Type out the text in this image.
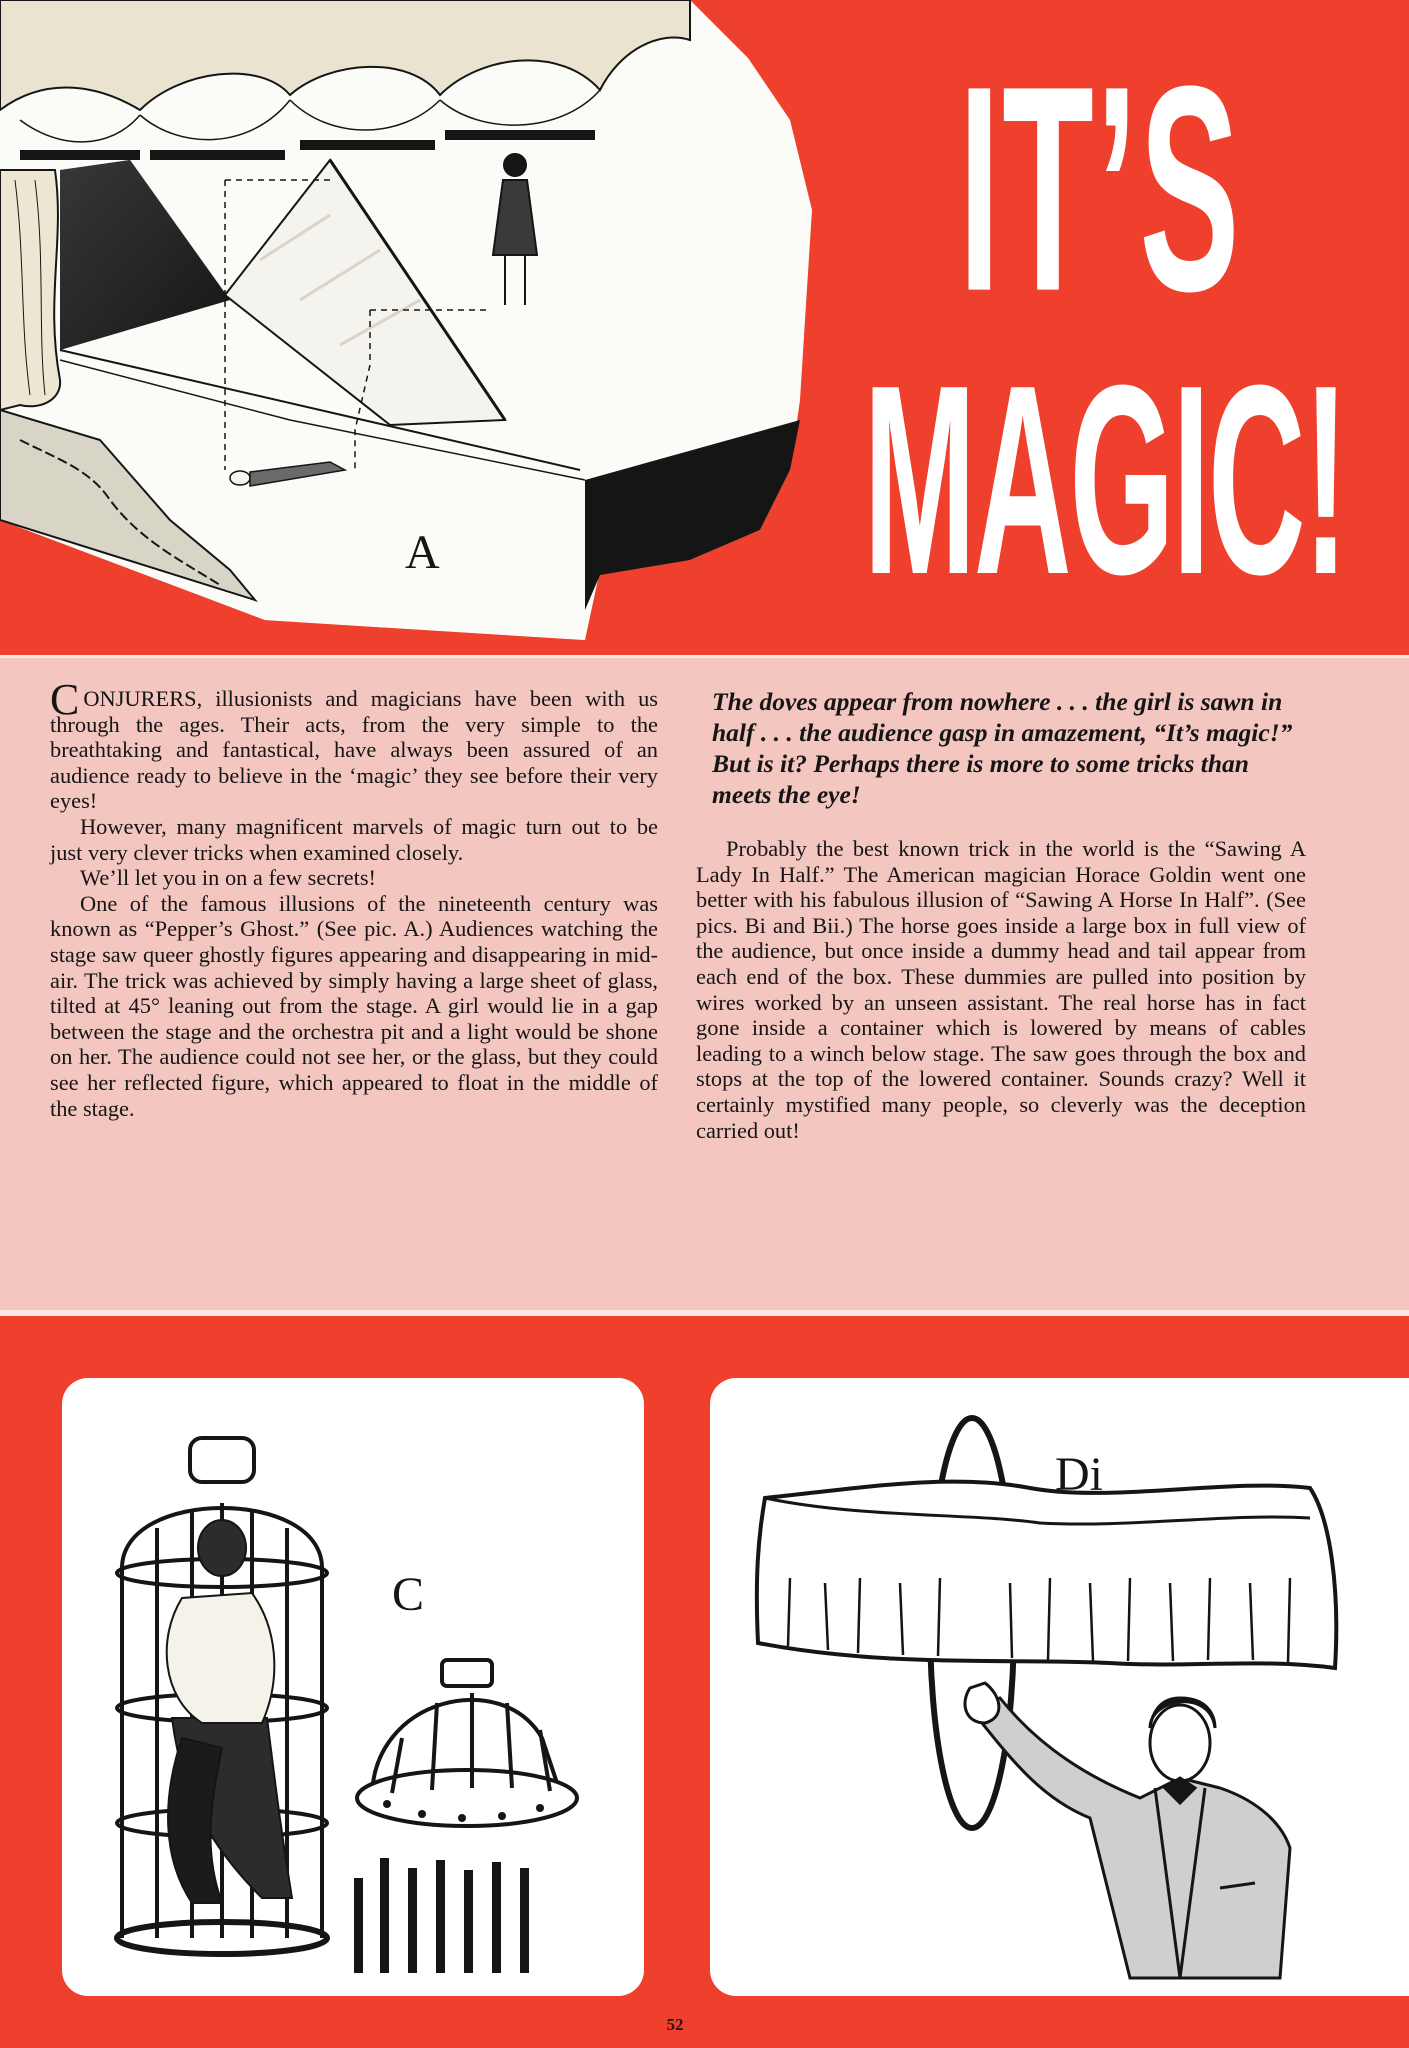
A
IT’S
MAGIC!

CONJURERS, illusionists and magicians have been with us through the ages. Their acts, from the very simple to the breathtaking and fantastical, have always been assured of an audience ready to believe in the ‘magic’ they see before their very eyes!

However, many magnificent marvels of magic turn out to be just very clever tricks when examined closely.

We’ll let you in on a few secrets!

One of the famous illusions of the nineteenth century was known as “Pepper’s Ghost.” (See pic. A.) Audiences watching the stage saw queer ghostly figures appearing and disappearing in mid-air. The trick was achieved by simply having a large sheet of glass, tilted at 45° leaning out from the stage. A girl would lie in a gap between the stage and the orchestra pit and a light would be shone on her. The audience could not see her, or the glass, but they could see her reflected figure, which appeared to float in the middle of the stage.

The doves appear from nowhere . . . the girl is sawn in half . . . the audience gasp in amazement, “It’s magic!” But is it? Perhaps there is more to some tricks than meets the eye!

Probably the best known trick in the world is the “Sawing A Lady In Half.” The American magician Horace Goldin went one better with his fabulous illusion of “Sawing A Horse In Half”. (See pics. Bi and Bii.) The horse goes inside a large box in full view of the audience, but once inside a dummy head and tail appear from each end of the box. These dummies are pulled into position by wires worked by an unseen assistant. The real horse has in fact gone inside a container which is lowered by means of cables leading to a winch below stage. The saw goes through the box and stops at the top of the lowered container. Sounds crazy? Well it certainly mystified many people, so cleverly was the deception carried out!

C
Di
52
